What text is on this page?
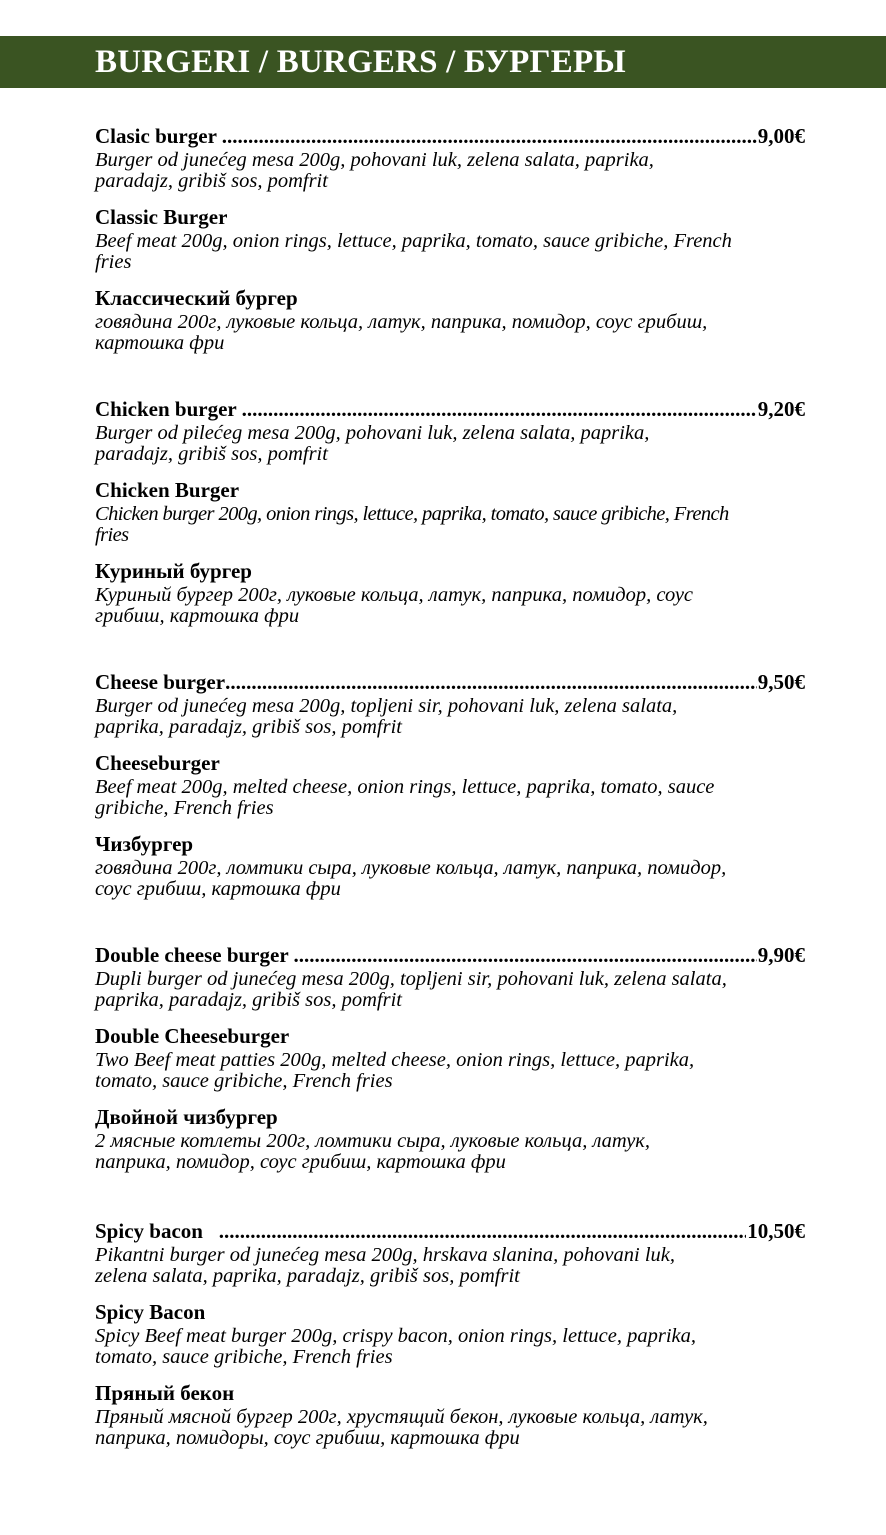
BURGERI / BURGERS / БУРГЕРЫ
Clasic burger .....	9,00€
Burger od junećeg mesa 200g, pohovani luk, zelena salata, paprika,
paradajz, gribiš sos, pomfrit
Classic Burger
Beef meat 200g, onion rings, lettuce, paprika, tomato, sauce gribiche, French
fries
Классический бургер
говядина 200г, луковые кольца, латук, паприка, помидор, соус грибиш,
картошка фри
Chicken burger .....	9,20€
Burger od pilećeg mesa 200g, pohovani luk, zelena salata, paprika,
paradajz, gribiš sos, pomfrit
Chicken Burger
Chicken burger 200g, onion rings, lettuce, paprika, tomato, sauce gribiche, French
fries
Куриный бургер
Куриный бургер 200г, луковые кольца, латук, паприка, помидор, соус
грибиш, картошка фри
Cheese burger .....	9,50€
Burger od junećeg mesa 200g, topljeni sir, pohovani luk, zelena salata,
paprika, paradajz, gribiš sos, pomfrit
Cheeseburger
Beef meat 200g, melted cheese, onion rings, lettuce, paprika, tomato, sauce
gribiche, French fries
Чизбургер
говядина 200г, ломтики сыра, луковые кольца, латук, паприка, помидор,
соус грибиш, картошка фри
Double cheese burger .....	9,90€
Dupli burger od junećeg mesa 200g, topljeni sir, pohovani luk, zelena salata,
paprika, paradajz, gribiš sos, pomfrit
Double Cheeseburger
Two Beef meat patties 200g, melted cheese, onion rings, lettuce, paprika,
tomato, sauce gribiche, French fries
Двойной чизбургер
2 мясные котлеты 200г, ломтики сыра, луковые кольца, латук,
паприка, помидор, соус грибиш, картошка фри
Spicy bacon .....	10,50€
Pikantni burger od junećeg mesa 200g, hrskava slanina, pohovani luk,
zelena salata, paprika, paradajz, gribiš sos, pomfrit
Spicy Bacon
Spicy Beef meat burger 200g, crispy bacon, onion rings, lettuce, paprika,
tomato, sauce gribiche, French fries
Пряный бекон
Пряный мясной бургер 200г, хрустящий бекон, луковые кольца, латук,
паприка, помидоры, соус грибиш, картошка фри
